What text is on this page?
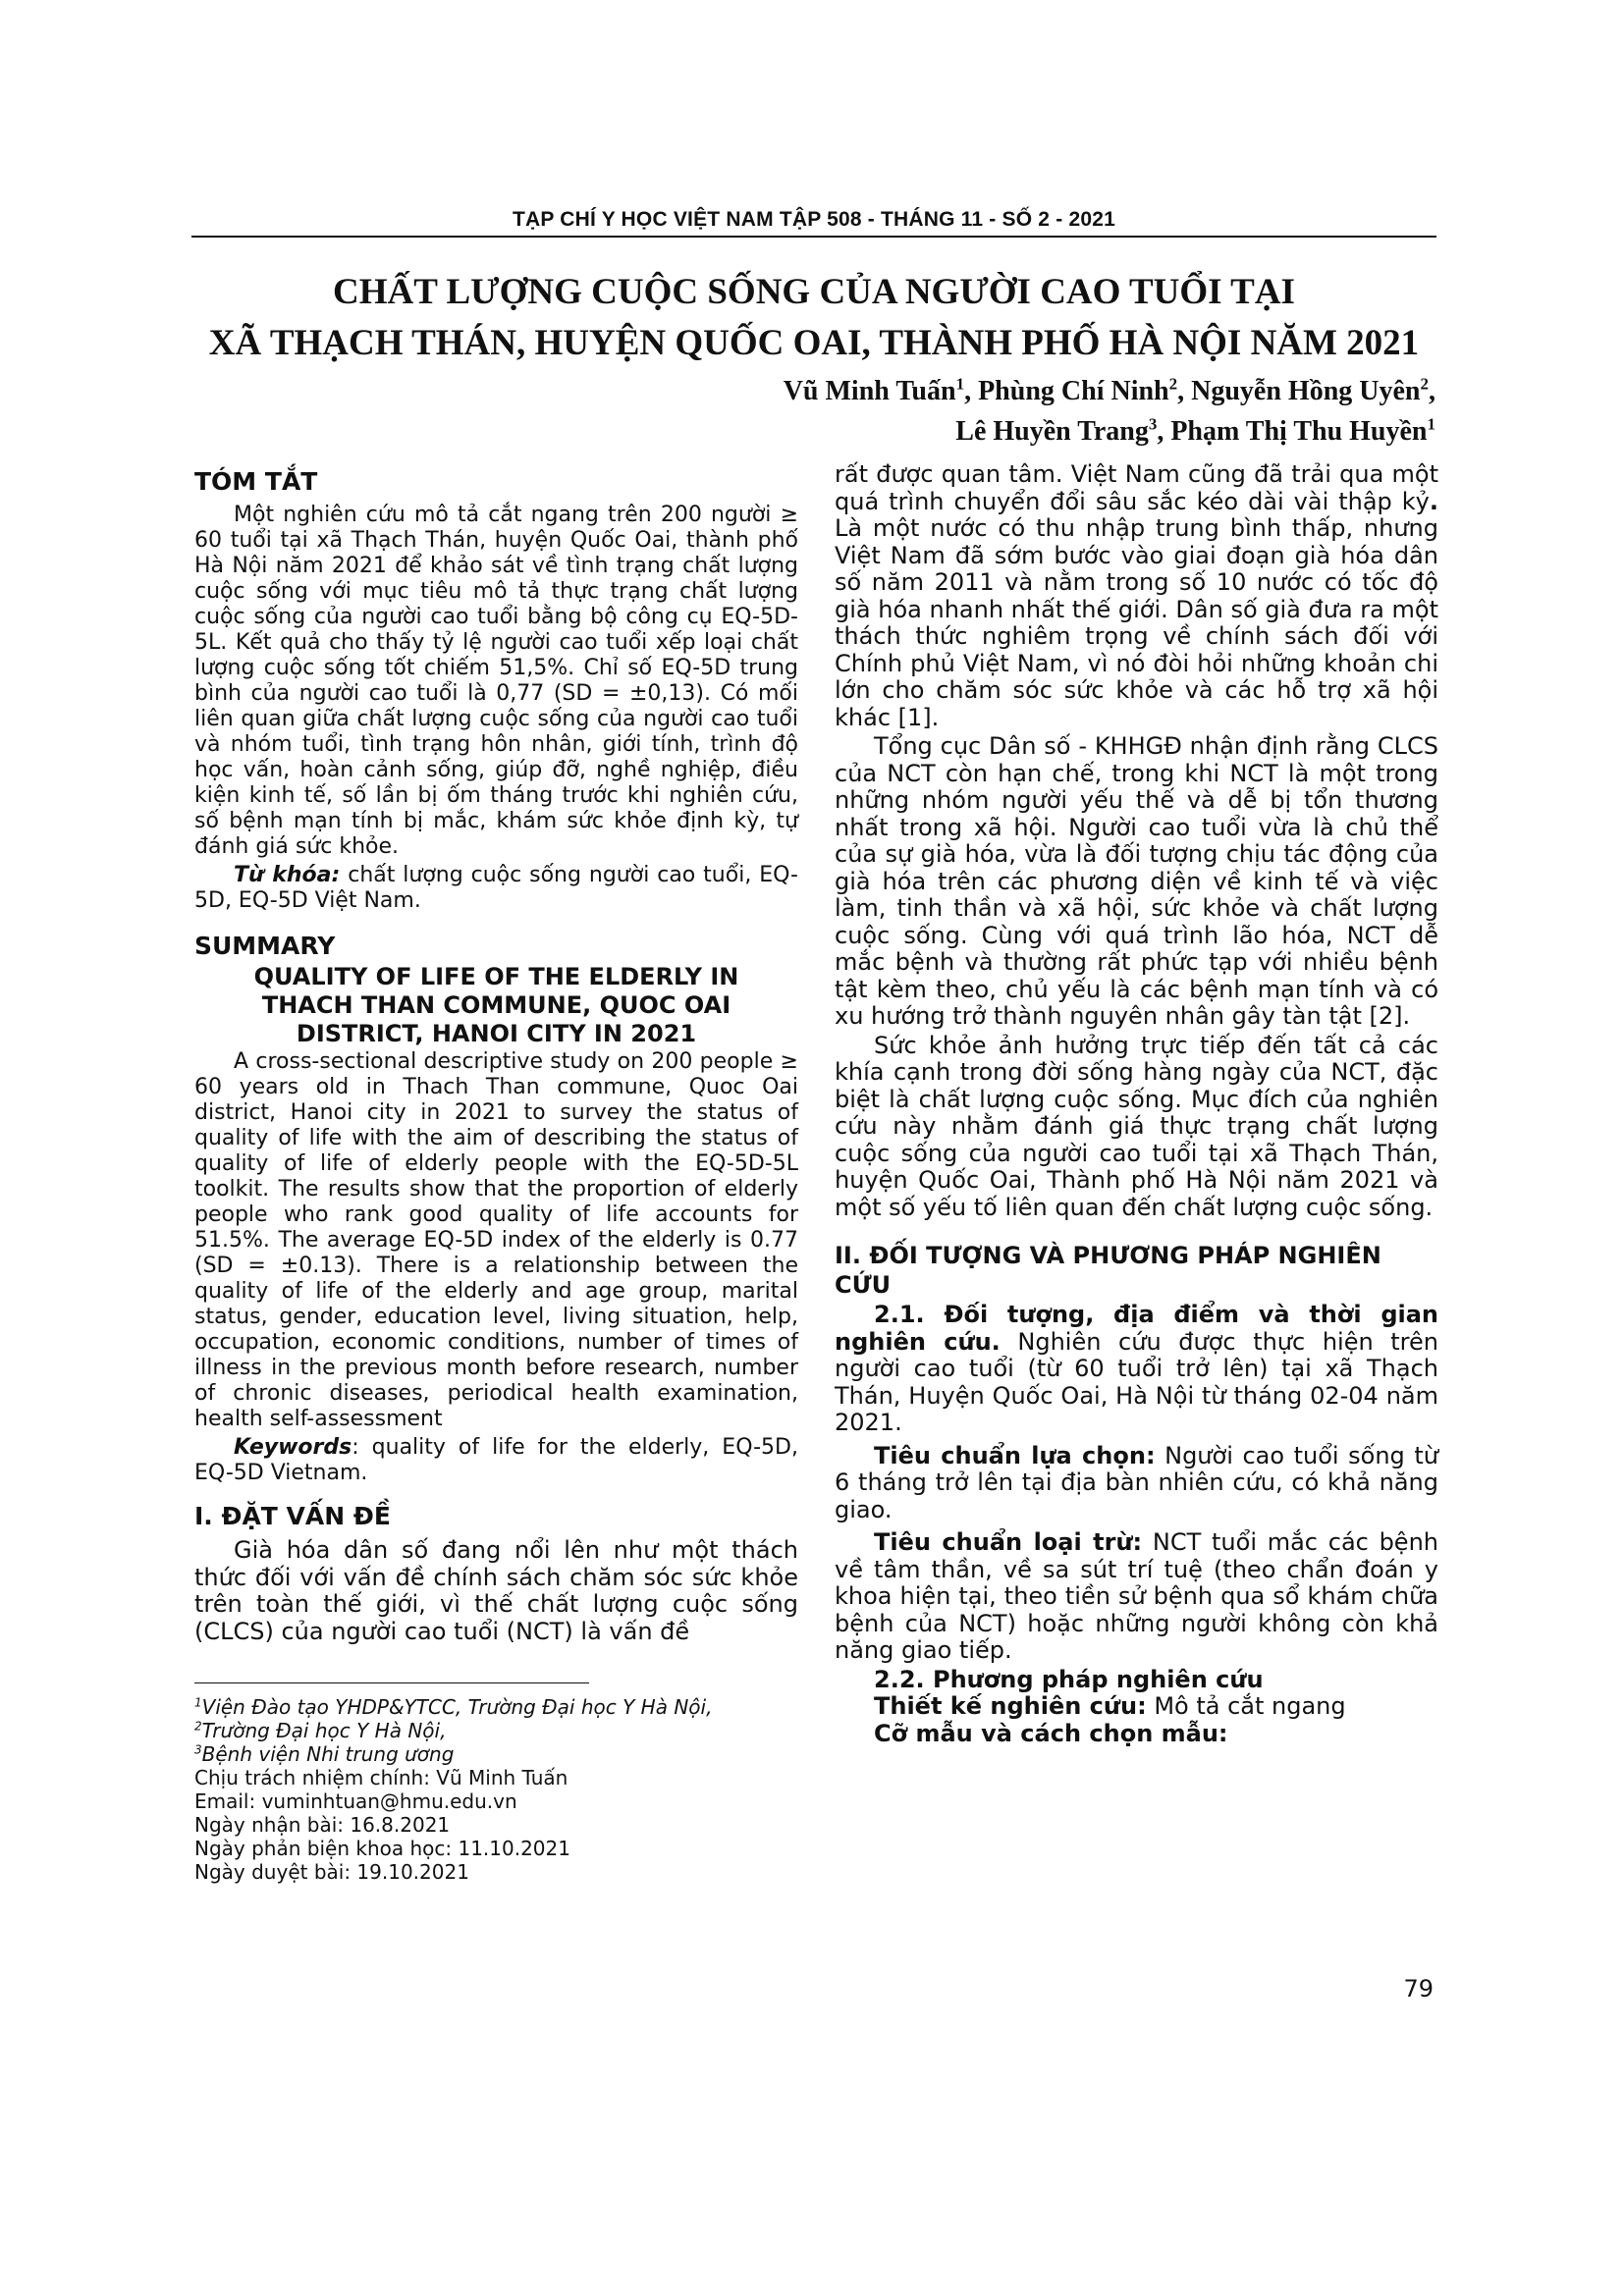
TẠP CHÍ Y HỌC VIỆT NAM TẬP 508 - THÁNG 11 - SỐ 2 - 2021
CHẤT LƯỢNG CUỘC SỐNG CỦA NGƯỜI CAO TUỔI TẠI
XÃ THẠCH THÁN, HUYỆN QUỐC OAI, THÀNH PHỐ HÀ NỘI NĂM 2021

Vũ Minh Tuấn$^1$, Phùng Chí Ninh$^2$, Nguyễn Hồng Uyên$^2$,
Lê Huyền Trang$^3$, Phạm Thị Thu Huyền$^1$

TÓM TẮT

Một nghiên cứu mô tả cắt ngang trên 200 người ≥ 60 tuổi tại xã Thạch Thán, huyện Quốc Oai, thành phố Hà Nội năm 2021 để khảo sát về tình trạng chất lượng cuộc sống với mục tiêu mô tả thực trạng chất lượng cuộc sống của người cao tuổi bằng bộ công cụ EQ-5D-5L. Kết quả cho thấy tỷ lệ người cao tuổi xếp loại chất lượng cuộc sống tốt chiếm 51,5%. Chỉ số EQ-5D trung bình của người cao tuổi là 0,77 (SD = ±0,13). Có mối liên quan giữa chất lượng cuộc sống của người cao tuổi và nhóm tuổi, tình trạng hôn nhân, giới tính, trình độ học vấn, hoàn cảnh sống, giúp đỡ, nghề nghiệp, điều kiện kinh tế, số lần bị ốm tháng trước khi nghiên cứu, số bệnh mạn tính bị mắc, khám sức khỏe định kỳ, tự đánh giá sức khỏe.

Từ khóa: chất lượng cuộc sống người cao tuổi, EQ-5D, EQ-5D Việt Nam.

SUMMARY

QUALITY OF LIFE OF THE ELDERLY IN
THACH THAN COMMUNE, QUOC OAI
DISTRICT, HANOI CITY IN 2021

A cross-sectional descriptive study on 200 people ≥ 60 years old in Thach Than commune, Quoc Oai district, Hanoi city in 2021 to survey the status of quality of life with the aim of describing the status of quality of life of elderly people with the EQ-5D-5L toolkit. The results show that the proportion of elderly people who rank good quality of life accounts for 51.5%. The average EQ-5D index of the elderly is 0.77 (SD = ±0.13). There is a relationship between the quality of life of the elderly and age group, marital status, gender, education level, living situation, help, occupation, economic conditions, number of times of illness in the previous month before research, number of chronic diseases, periodical health examination, health self-assessment

Keywords: quality of life for the elderly, EQ-5D, EQ-5D Vietnam.

I. ĐẶT VẤN ĐỀ

Già hóa dân số đang nổi lên như một thách thức đối với vấn đề chính sách chăm sóc sức khỏe trên toàn thế giới, vì thế chất lượng cuộc sống (CLCS) của người cao tuổi (NCT) là vấn đề

$^1$Viện Đào tạo YHDP&YTCC, Trường Đại học Y Hà Nội,

$^2$Trường Đại học Y Hà Nội,

$^3$Bệnh viện Nhi trung ương

Chịu trách nhiệm chính: Vũ Minh Tuấn

Email: vuminhtuan@hmu.edu.vn

Ngày nhận bài: 16.8.2021

Ngày phản biện khoa học: 11.10.2021

Ngày duyệt bài: 19.10.2021

rất được quan tâm. Việt Nam cũng đã trải qua một quá trình chuyển đổi sâu sắc kéo dài vài thập kỷ. Là một nước có thu nhập trung bình thấp, nhưng Việt Nam đã sớm bước vào giai đoạn già hóa dân số năm 2011 và nằm trong số 10 nước có tốc độ già hóa nhanh nhất thế giới. Dân số già đưa ra một thách thức nghiêm trọng về chính sách đối với Chính phủ Việt Nam, vì nó đòi hỏi những khoản chi lớn cho chăm sóc sức khỏe và các hỗ trợ xã hội khác [1].

Tổng cục Dân số - KHHGĐ nhận định rằng CLCS của NCT còn hạn chế, trong khi NCT là một trong những nhóm người yếu thế và dễ bị tổn thương nhất trong xã hội. Người cao tuổi vừa là chủ thể của sự già hóa, vừa là đối tượng chịu tác động của già hóa trên các phương diện về kinh tế và việc làm, tinh thần và xã hội, sức khỏe và chất lượng cuộc sống. Cùng với quá trình lão hóa, NCT dễ mắc bệnh và thường rất phức tạp với nhiều bệnh tật kèm theo, chủ yếu là các bệnh mạn tính và có xu hướng trở thành nguyên nhân gây tàn tật [2].

Sức khỏe ảnh hưởng trực tiếp đến tất cả các khía cạnh trong đời sống hàng ngày của NCT, đặc biệt là chất lượng cuộc sống. Mục đích của nghiên cứu này nhằm đánh giá thực trạng chất lượng cuộc sống của người cao tuổi tại xã Thạch Thán, huyện Quốc Oai, Thành phố Hà Nội năm 2021 và một số yếu tố liên quan đến chất lượng cuộc sống.

II. ĐỐI TƯỢNG VÀ PHƯƠNG PHÁP NGHIÊN CỨU

2.1. Đối tượng, địa điểm và thời gian nghiên cứu. Nghiên cứu được thực hiện trên người cao tuổi (từ 60 tuổi trở lên) tại xã Thạch Thán, Huyện Quốc Oai, Hà Nội từ tháng 02-04 năm 2021.

Tiêu chuẩn lựa chọn: Người cao tuổi sống từ 6 tháng trở lên tại địa bàn nhiên cứu, có khả năng giao.

Tiêu chuẩn loại trừ: NCT tuổi mắc các bệnh về tâm thần, về sa sút trí tuệ (theo chẩn đoán y khoa hiện tại, theo tiền sử bệnh qua sổ khám chữa bệnh của NCT) hoặc những người không còn khả năng giao tiếp.

2.2. Phương pháp nghiên cứu

Thiết kế nghiên cứu: Mô tả cắt ngang

Cỡ mẫu và cách chọn mẫu:

79
